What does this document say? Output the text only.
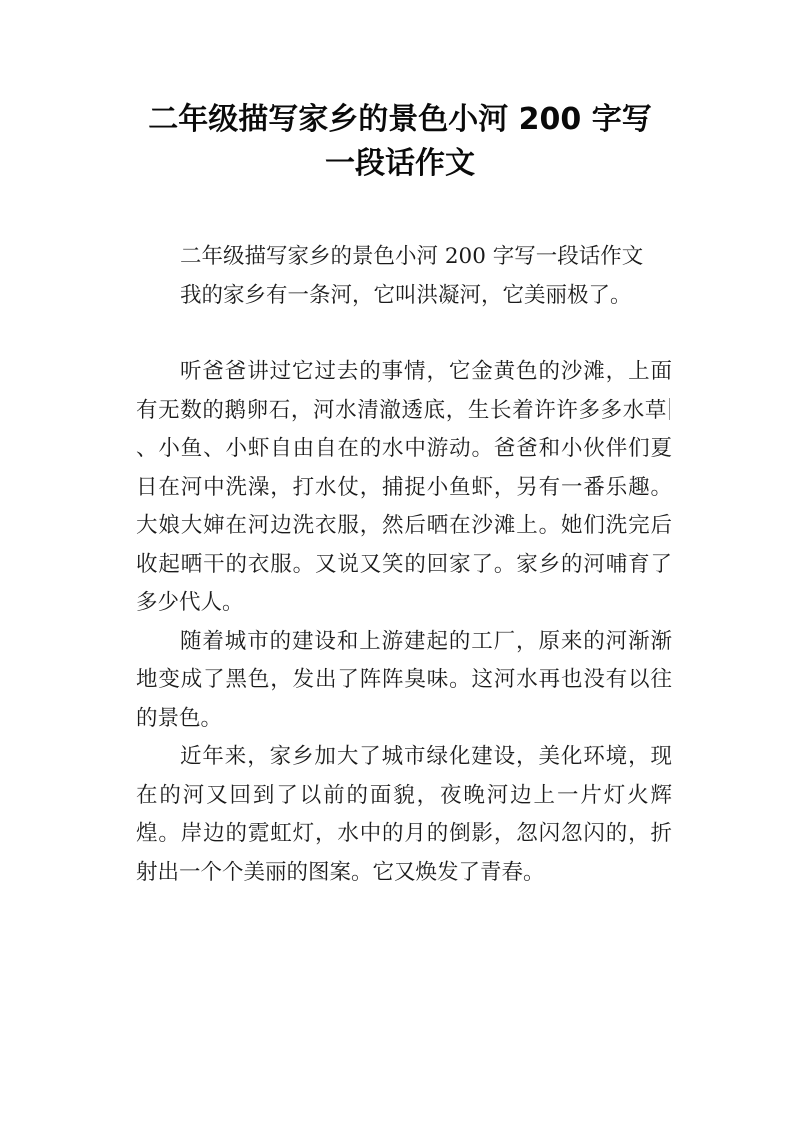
二年级描写家乡的景色小河 200 字写
一段话作文

二年级描写家乡的景色小河 200 字写一段话作文

我的家乡有一条河，它叫洪凝河，它美丽极了。

听爸爸讲过它过去的事情，它金黄色的沙滩，上面有无数的鹅卵石，河水清澈透底，生长着许许多多水草、小鱼、小虾自由自在的水中游动。爸爸和小伙伴们夏日在河中洗澡，打水仗，捕捉小鱼虾，另有一番乐趣。大娘大婶在河边洗衣服，然后晒在沙滩上。她们洗完后收起晒干的衣服。又说又笑的回家了。家乡的河哺育了多少代人。

随着城市的建设和上游建起的工厂，原来的河渐渐地变成了黑色，发出了阵阵臭味。这河水再也没有以往的景色。

近年来，家乡加大了城市绿化建设，美化环境，现在的河又回到了以前的面貌，夜晚河边上一片灯火辉煌。岸边的霓虹灯，水中的月的倒影，忽闪忽闪的，折射出一个个美丽的图案。它又焕发了青春。
